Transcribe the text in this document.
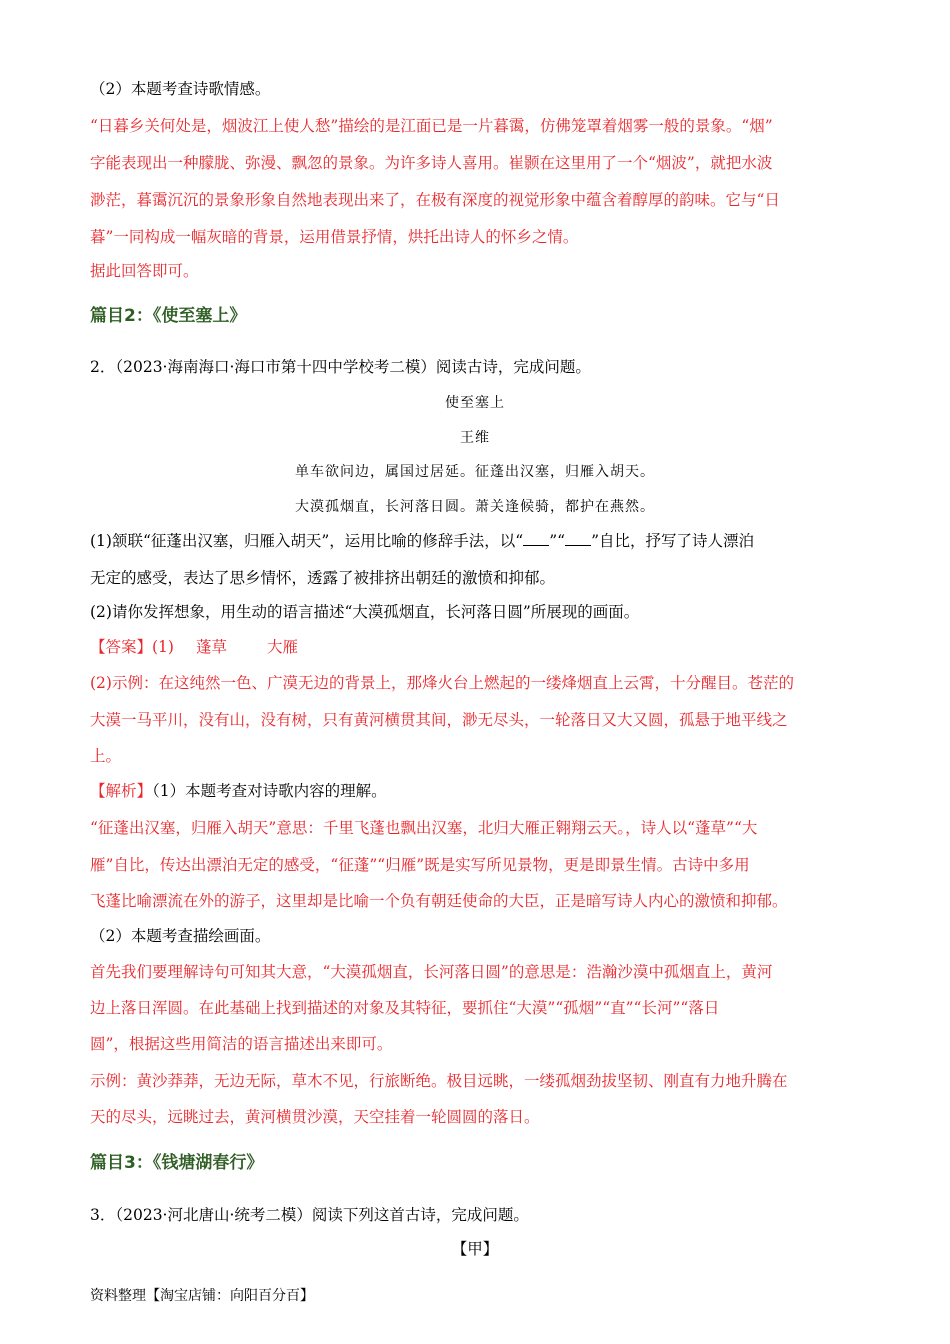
（2）本题考查诗歌情感。
“日暮乡关何处是，烟波江上使人愁”描绘的是江面已是一片暮霭，仿佛笼罩着烟雾一般的景象。“烟”
字能表现出一种朦胧、弥漫、飘忽的景象。为许多诗人喜用。崔颢在这里用了一个“烟波”，就把水波
渺茫，暮霭沉沉的景象形象自然地表现出来了，在极有深度的视觉形象中蕴含着醇厚的韵味。它与“日
暮”一同构成一幅灰暗的背景，运用借景抒情，烘托出诗人的怀乡之情。
据此回答即可。
篇目2：《使至塞上》
2．（2023·海南海口·海口市第十四中学校考二模）阅读古诗，完成问题。
使至塞上
王维
单车欲问边，属国过居延。征蓬出汉塞，归雁入胡天。
大漠孤烟直，长河落日圆。萧关逢候骑，都护在燕然。
(1)颔联“征蓬出汉塞，归雁入胡天”，运用比喻的修辞手法，以“ ”“ ”自比，抒写了诗人漂泊
无定的感受，表达了思乡情怀，透露了被排挤出朝廷的激愤和抑郁。
(2)请你发挥想象，用生动的语言描述“大漠孤烟直，长河落日圆”所展现的画面。
【答案】(1) 蓬草	大雁
(2)示例：在这纯然一色、广漠无边的背景上，那烽火台上燃起的一缕烽烟直上云霄，十分醒目。苍茫的
大漠一马平川，没有山，没有树，只有黄河横贯其间，渺无尽头，一轮落日又大又圆，孤悬于地平线之
上。
【解析】（1）本题考查对诗歌内容的理解。
“征蓬出汉塞，归雁入胡天”意思：千里飞蓬也飘出汉塞，北归大雁正翱翔云天。，诗人以“蓬草”“大
雁”自比，传达出漂泊无定的感受，“征蓬”“归雁”既是实写所见景物，更是即景生情。古诗中多用
飞蓬比喻漂流在外的游子，这里却是比喻一个负有朝廷使命的大臣，正是暗写诗人内心的激愤和抑郁。
（2）本题考查描绘画面。
首先我们要理解诗句可知其大意，“大漠孤烟直，长河落日圆”的意思是：浩瀚沙漠中孤烟直上，黄河
边上落日浑圆。在此基础上找到描述的对象及其特征，要抓住“大漠”“孤烟”“直”“长河”“落日
圆”，根据这些用简洁的语言描述出来即可。
示例：黄沙莽莽，无边无际，草木不见，行旅断绝。极目远眺，一缕孤烟劲拔坚韧、刚直有力地升腾在
天的尽头，远眺过去，黄河横贯沙漠，天空挂着一轮圆圆的落日。
篇目3：《钱塘湖春行》
3．（2023·河北唐山·统考二模）阅读下列这首古诗，完成问题。
【甲】
资料整理【淘宝店铺：向阳百分百】
